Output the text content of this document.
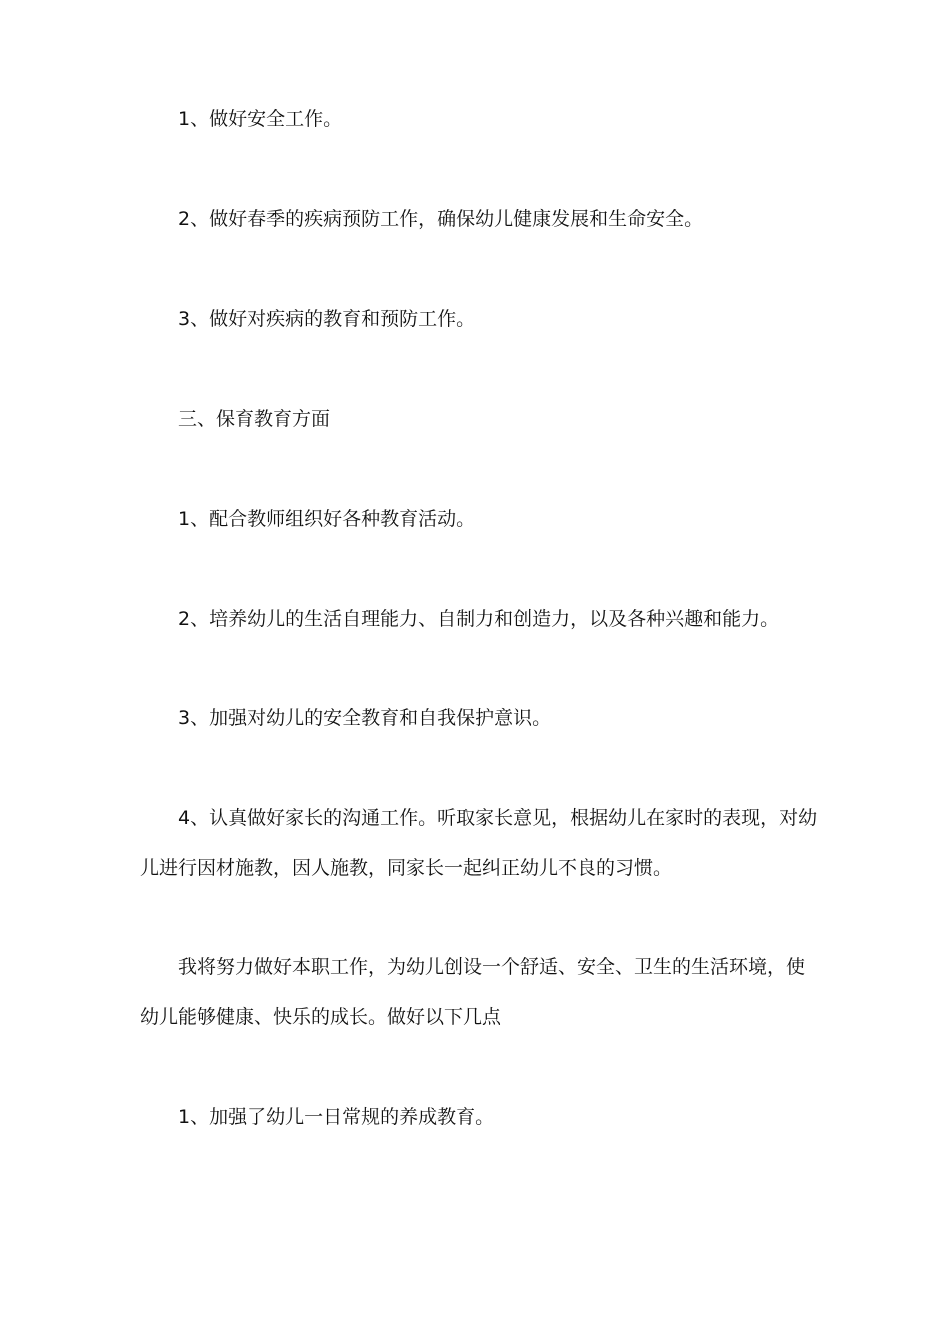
1、做好安全工作。

2、做好春季的疾病预防工作，确保幼儿健康发展和生命安全。

3、做好对疾病的教育和预防工作。

三、保育教育方面

1、配合教师组织好各种教育活动。

2、培养幼儿的生活自理能力、自制力和创造力，以及各种兴趣和能力。

3、加强对幼儿的安全教育和自我保护意识。

4、认真做好家长的沟通工作。听取家长意见，根据幼儿在家时的表现，对幼儿进行因材施教，因人施教，同家长一起纠正幼儿不良的习惯。

我将努力做好本职工作，为幼儿创设一个舒适、安全、卫生的生活环境，使幼儿能够健康、快乐的成长。做好以下几点

1、加强了幼儿一日常规的养成教育。
